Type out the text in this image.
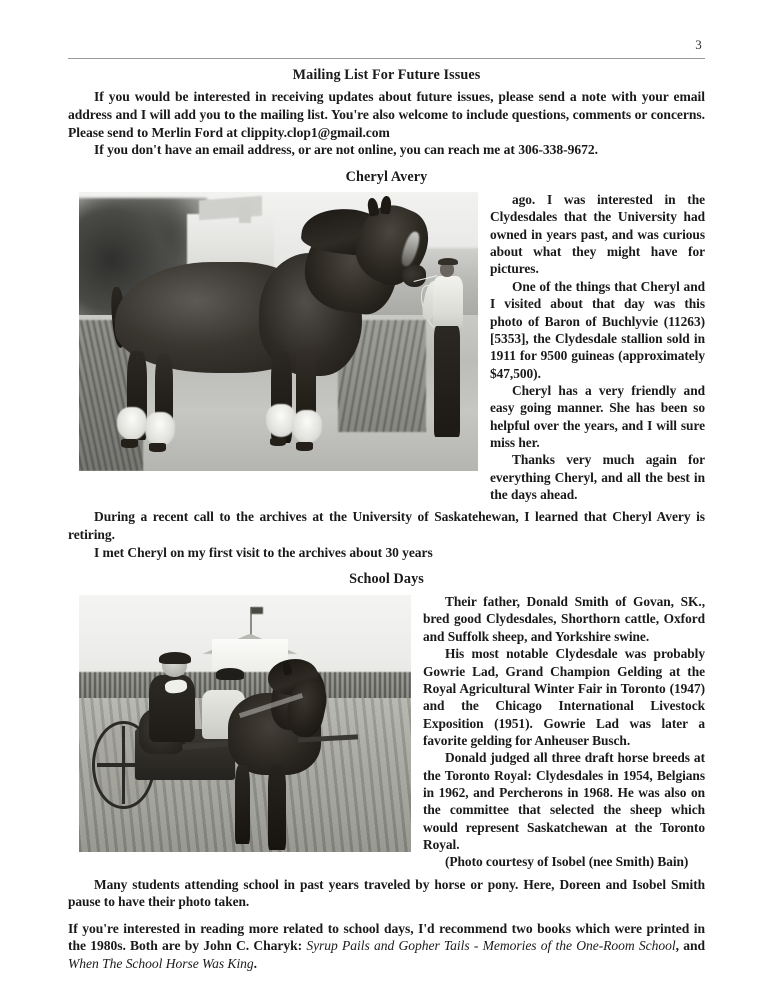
3
Mailing List For Future Issues

If you would be interested in receiving updates about future issues, please send a note with your email address and I will add you to the mailing list. You're also welcome to include questions, comments or concerns. Please send to Merlin Ford at clippity.clop1@gmail.com

If you don't have an email address, or are not online, you can reach me at 306-338-9672.

Cheryl Avery

ago. I was interested in the Clydesdales that the University had owned in years past, and was curious about what they might have for pictures.

One of the things that Cheryl and I visited about that day was this photo of Baron of Buchlyvie (11263) [5353], the Clydesdale stallion sold in 1911 for 9500 guineas (approximately $47,500).

Cheryl has a very friendly and easy going manner. She has been so helpful over the years, and I will sure miss her.

Thanks very much again for everything Cheryl, and all the best in the days ahead.

During a recent call to the archives at the University of Saskatehewan, I learned that Cheryl Avery is retiring.

I met Cheryl on my first visit to the archives about 30 years

School Days

Their father, Donald Smith of Govan, SK., bred good Clydesdales, Shorthorn cattle, Oxford and Suffolk sheep, and Yorkshire swine.

His most notable Clydesdale was probably Gowrie Lad, Grand Champion Gelding at the Royal Agricultural Winter Fair in Toronto (1947) and the Chicago International Livestock Exposition (1951). Gowrie Lad was later a favorite gelding for Anheuser Busch.

Donald judged all three draft horse breeds at the Toronto Royal: Clydesdales in 1954, Belgians in 1962, and Percherons in 1968. He was also on the committee that selected the sheep which would represent Saskatchewan at the Toronto Royal.

(Photo courtesy of Isobel (nee Smith) Bain)

Many students attending school in past years traveled by horse or pony. Here, Doreen and Isobel Smith pause to have their photo taken.

If you're interested in reading more related to school days, I'd recommend two books which were printed in the 1980s. Both are by John C. Charyk: Syrup Pails and Gopher Tails - Memories of the One-Room School, and When The School Horse Was King.
